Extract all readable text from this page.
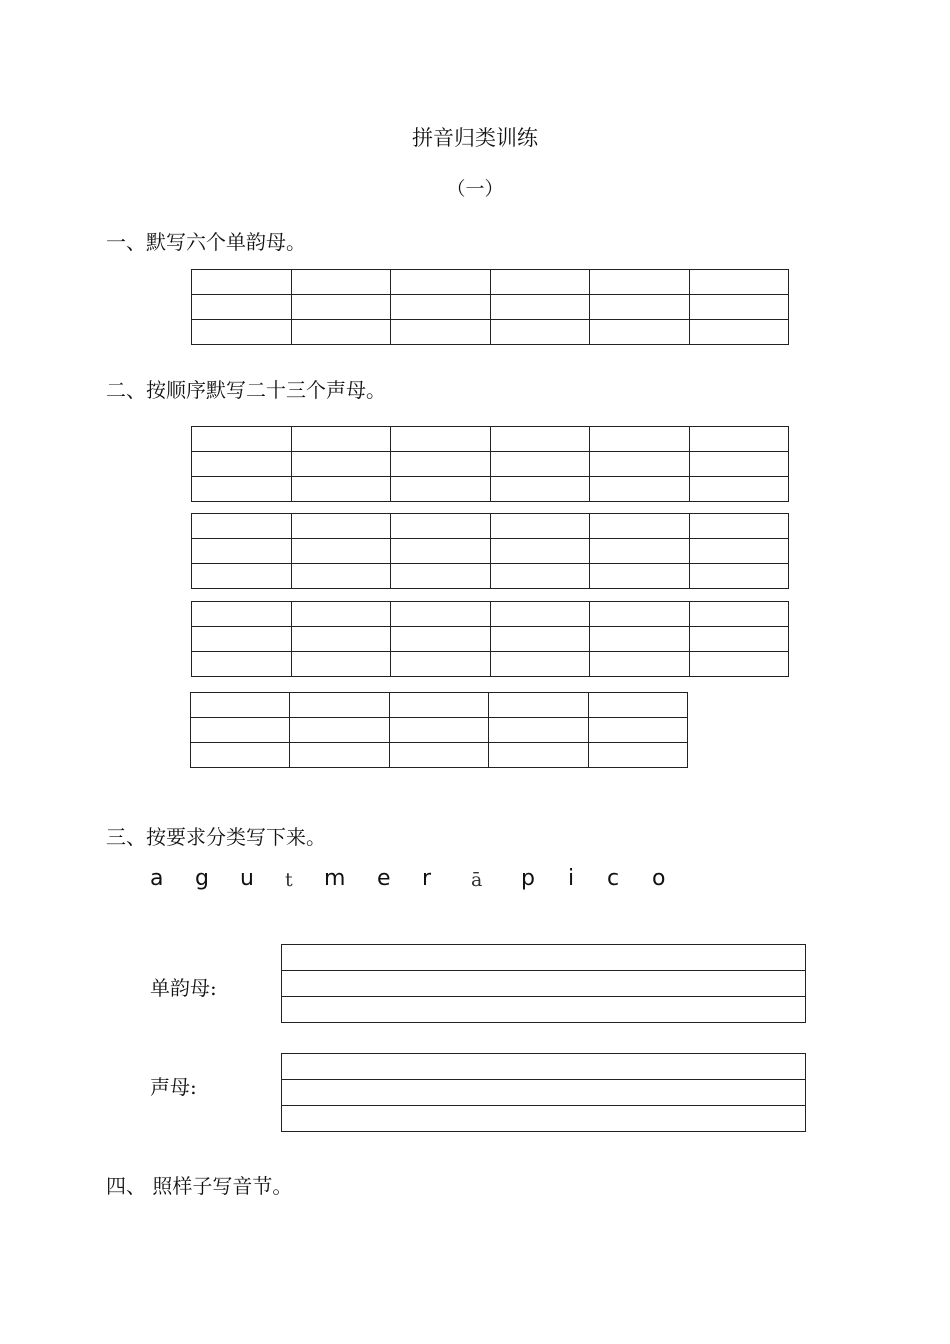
拼音归类训练
（一）
一、默写六个单韵母。

二、按顺序默写二十三个声母。

三、按要求分类写下来。
a g u t m e r ā p i c o
单韵母:
声母:
四、 照样子写音节。
